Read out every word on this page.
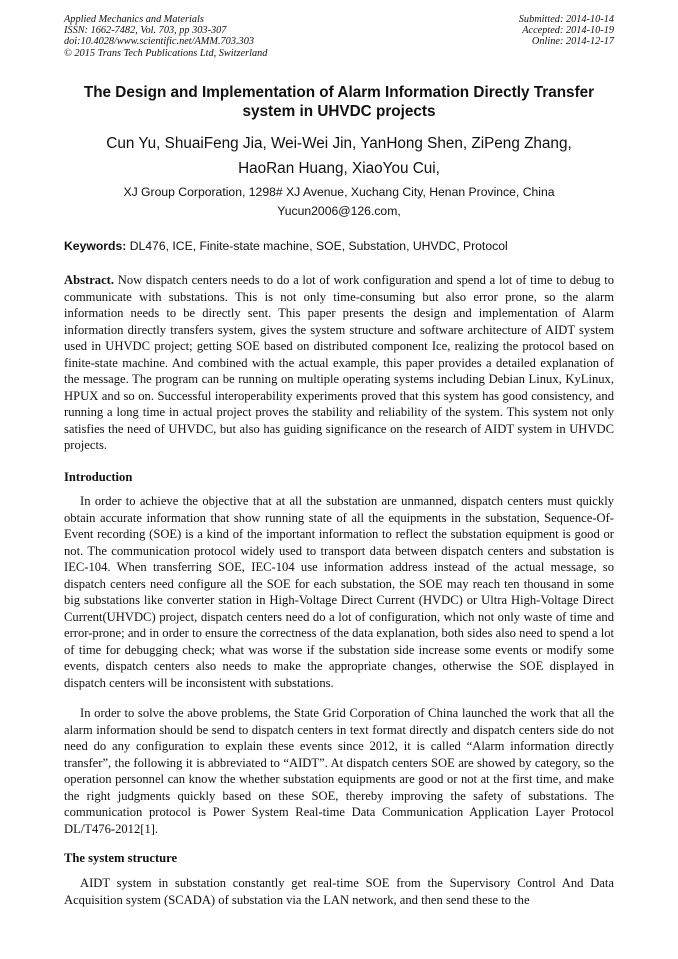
Applied Mechanics and Materials
ISSN: 1662-7482, Vol. 703, pp 303-307
doi:10.4028/www.scientific.net/AMM.703.303
© 2015 Trans Tech Publications Ltd, Switzerland
Submitted: 2014-10-14
Accepted: 2014-10-19
Online: 2014-12-17
The Design and Implementation of Alarm Information Directly Transfer system in UHVDC projects
Cun Yu, ShuaiFeng Jia, Wei-Wei Jin, YanHong Shen, ZiPeng Zhang,
HaoRan Huang, XiaoYou Cui,
XJ Group Corporation, 1298# XJ Avenue, Xuchang City, Henan Province, China
Yucun2006@126.com,
Keywords: DL476, ICE, Finite-state machine, SOE, Substation, UHVDC, Protocol
Abstract. Now dispatch centers needs to do a lot of work configuration and spend a lot of time to debug to communicate with substations. This is not only time-consuming but also error prone, so the alarm information needs to be directly sent. This paper presents the design and implementation of Alarm information directly transfers system, gives the system structure and software architecture of AIDT system used in UHVDC project; getting SOE based on distributed component Ice, realizing the protocol based on finite-state machine. And combined with the actual example, this paper provides a detailed explanation of the message. The program can be running on multiple operating systems including Debian Linux, KyLinux, HPUX and so on. Successful interoperability experiments proved that this system has good consistency, and running a long time in actual project proves the stability and reliability of the system. This system not only satisfies the need of UHVDC, but also has guiding significance on the research of AIDT system in UHVDC projects.
Introduction
In order to achieve the objective that at all the substation are unmanned, dispatch centers must quickly obtain accurate information that show running state of all the equipments in the substation, Sequence-Of-Event recording (SOE) is a kind of the important information to reflect the substation equipment is good or not. The communication protocol widely used to transport data between dispatch centers and substation is IEC-104. When transferring SOE, IEC-104 use information address instead of the actual message, so dispatch centers need configure all the SOE for each substation, the SOE may reach ten thousand in some big substations like converter station in High-Voltage Direct Current (HVDC) or Ultra High-Voltage Direct Current(UHVDC) project, dispatch centers need do a lot of configuration, which not only waste of time and error-prone; and in order to ensure the correctness of the data explanation, both sides also need to spend a lot of time for debugging check; what was worse if the substation side increase some events or modify some events, dispatch centers also needs to make the appropriate changes, otherwise the SOE displayed in dispatch centers will be inconsistent with substations.
In order to solve the above problems, the State Grid Corporation of China launched the work that all the alarm information should be send to dispatch centers in text format directly and dispatch centers side do not need do any configuration to explain these events since 2012, it is called “Alarm information directly transfer”, the following it is abbreviated to “AIDT”. At dispatch centers SOE are showed by category, so the operation personnel can know the whether substation equipments are good or not at the first time, and make the right judgments quickly based on these SOE, thereby improving the safety of substations. The communication protocol is Power System Real-time Data Communication Application Layer Protocol DL/T476-2012[1].
The system structure
AIDT system in substation constantly get real-time SOE from the Supervisory Control And Data Acquisition system (SCADA) of substation via the LAN network, and then send these to the
